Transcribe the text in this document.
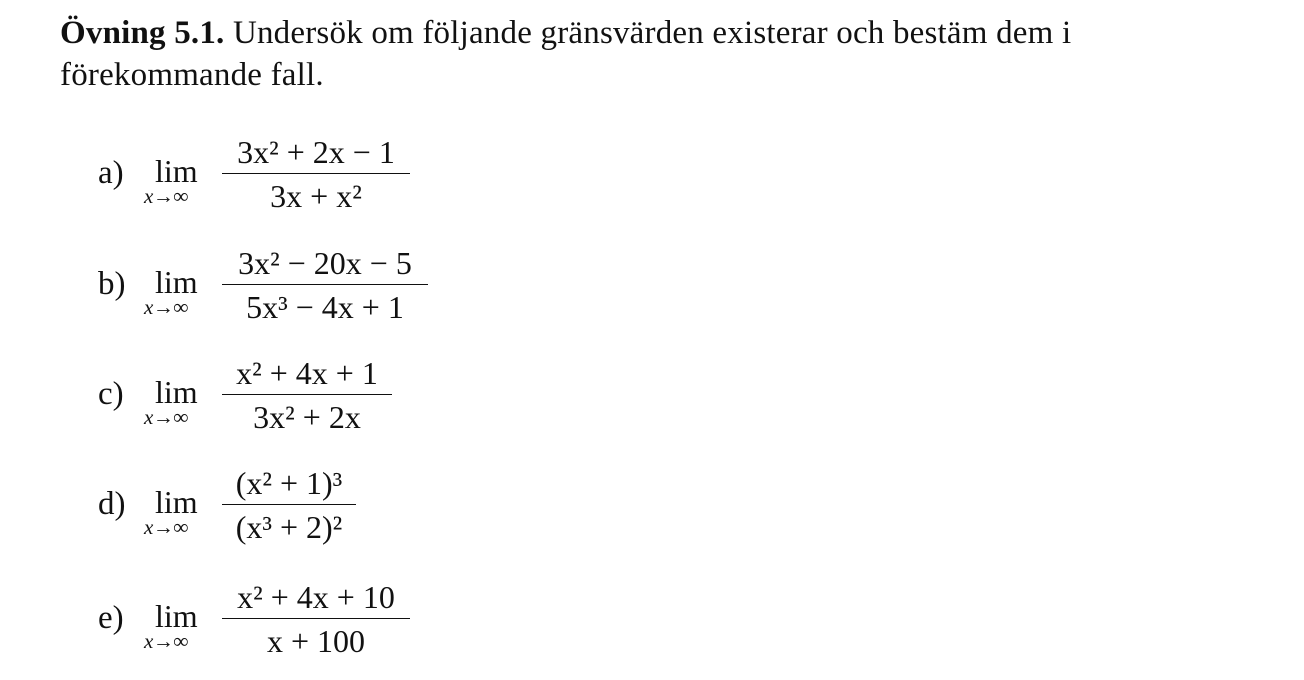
Övning 5.1. Undersök om följande gränsvärden existerar och bestäm dem i förekommande fall.
a) lim
x→∞
3x² + 2x − 1
3x + x²
b) lim
x→∞
3x² − 20x − 5
5x³ − 4x + 1
c) lim
x→∞
x² + 4x + 1
3x² + 2x
d) lim
x→∞
(x² + 1)³
(x³ + 2)²
e) lim
x→∞
x² + 4x + 10
x + 100
